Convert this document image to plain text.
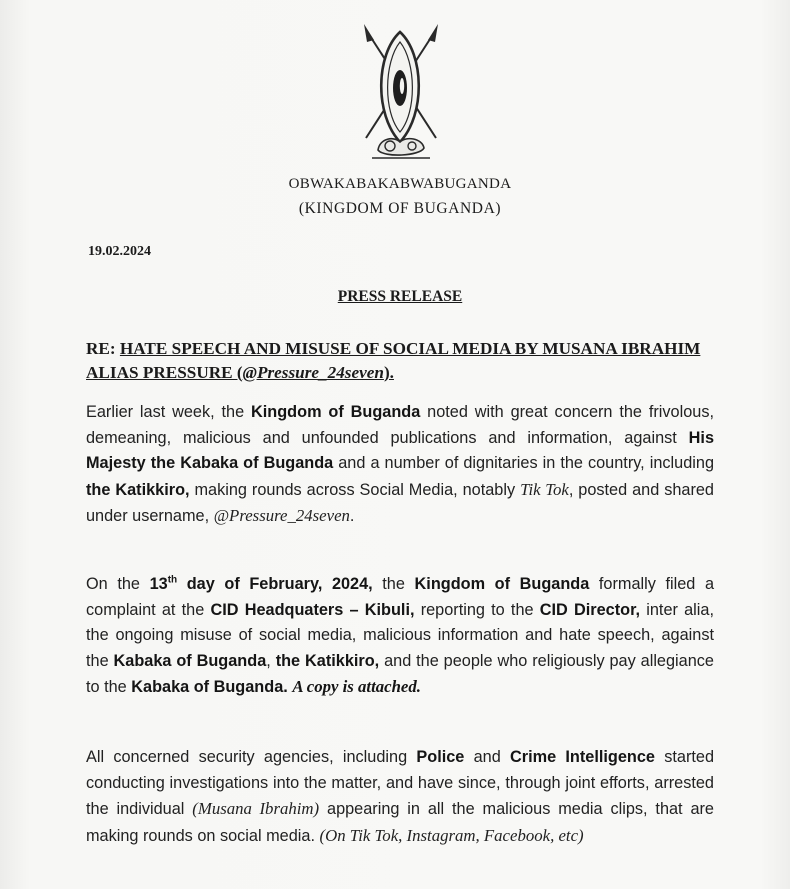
OBWAKABAKABWABUGANDA
(KINGDOM OF BUGANDA)
19.02.2024
PRESS RELEASE
RE: HATE SPEECH AND MISUSE OF SOCIAL MEDIA BY MUSANA IBRAHIM ALIAS PRESSURE (@Pressure_24seven).
Earlier last week, the Kingdom of Buganda noted with great concern the frivolous, demeaning, malicious and unfounded publications and information, against His Majesty the Kabaka of Buganda and a number of dignitaries in the country, including the Katikkiro, making rounds across Social Media, notably Tik Tok, posted and shared under username, @Pressure_24seven.
On the 13th day of February, 2024, the Kingdom of Buganda formally filed a complaint at the CID Headquaters – Kibuli, reporting to the CID Director, inter alia, the ongoing misuse of social media, malicious information and hate speech, against the Kabaka of Buganda, the Katikkiro, and the people who religiously pay allegiance to the Kabaka of Buganda. A copy is attached.
All concerned security agencies, including Police and Crime Intelligence started conducting investigations into the matter, and have since, through joint efforts, arrested the individual (Musana Ibrahim) appearing in all the malicious media clips, that are making rounds on social media. (On Tik Tok, Instagram, Facebook, etc)
